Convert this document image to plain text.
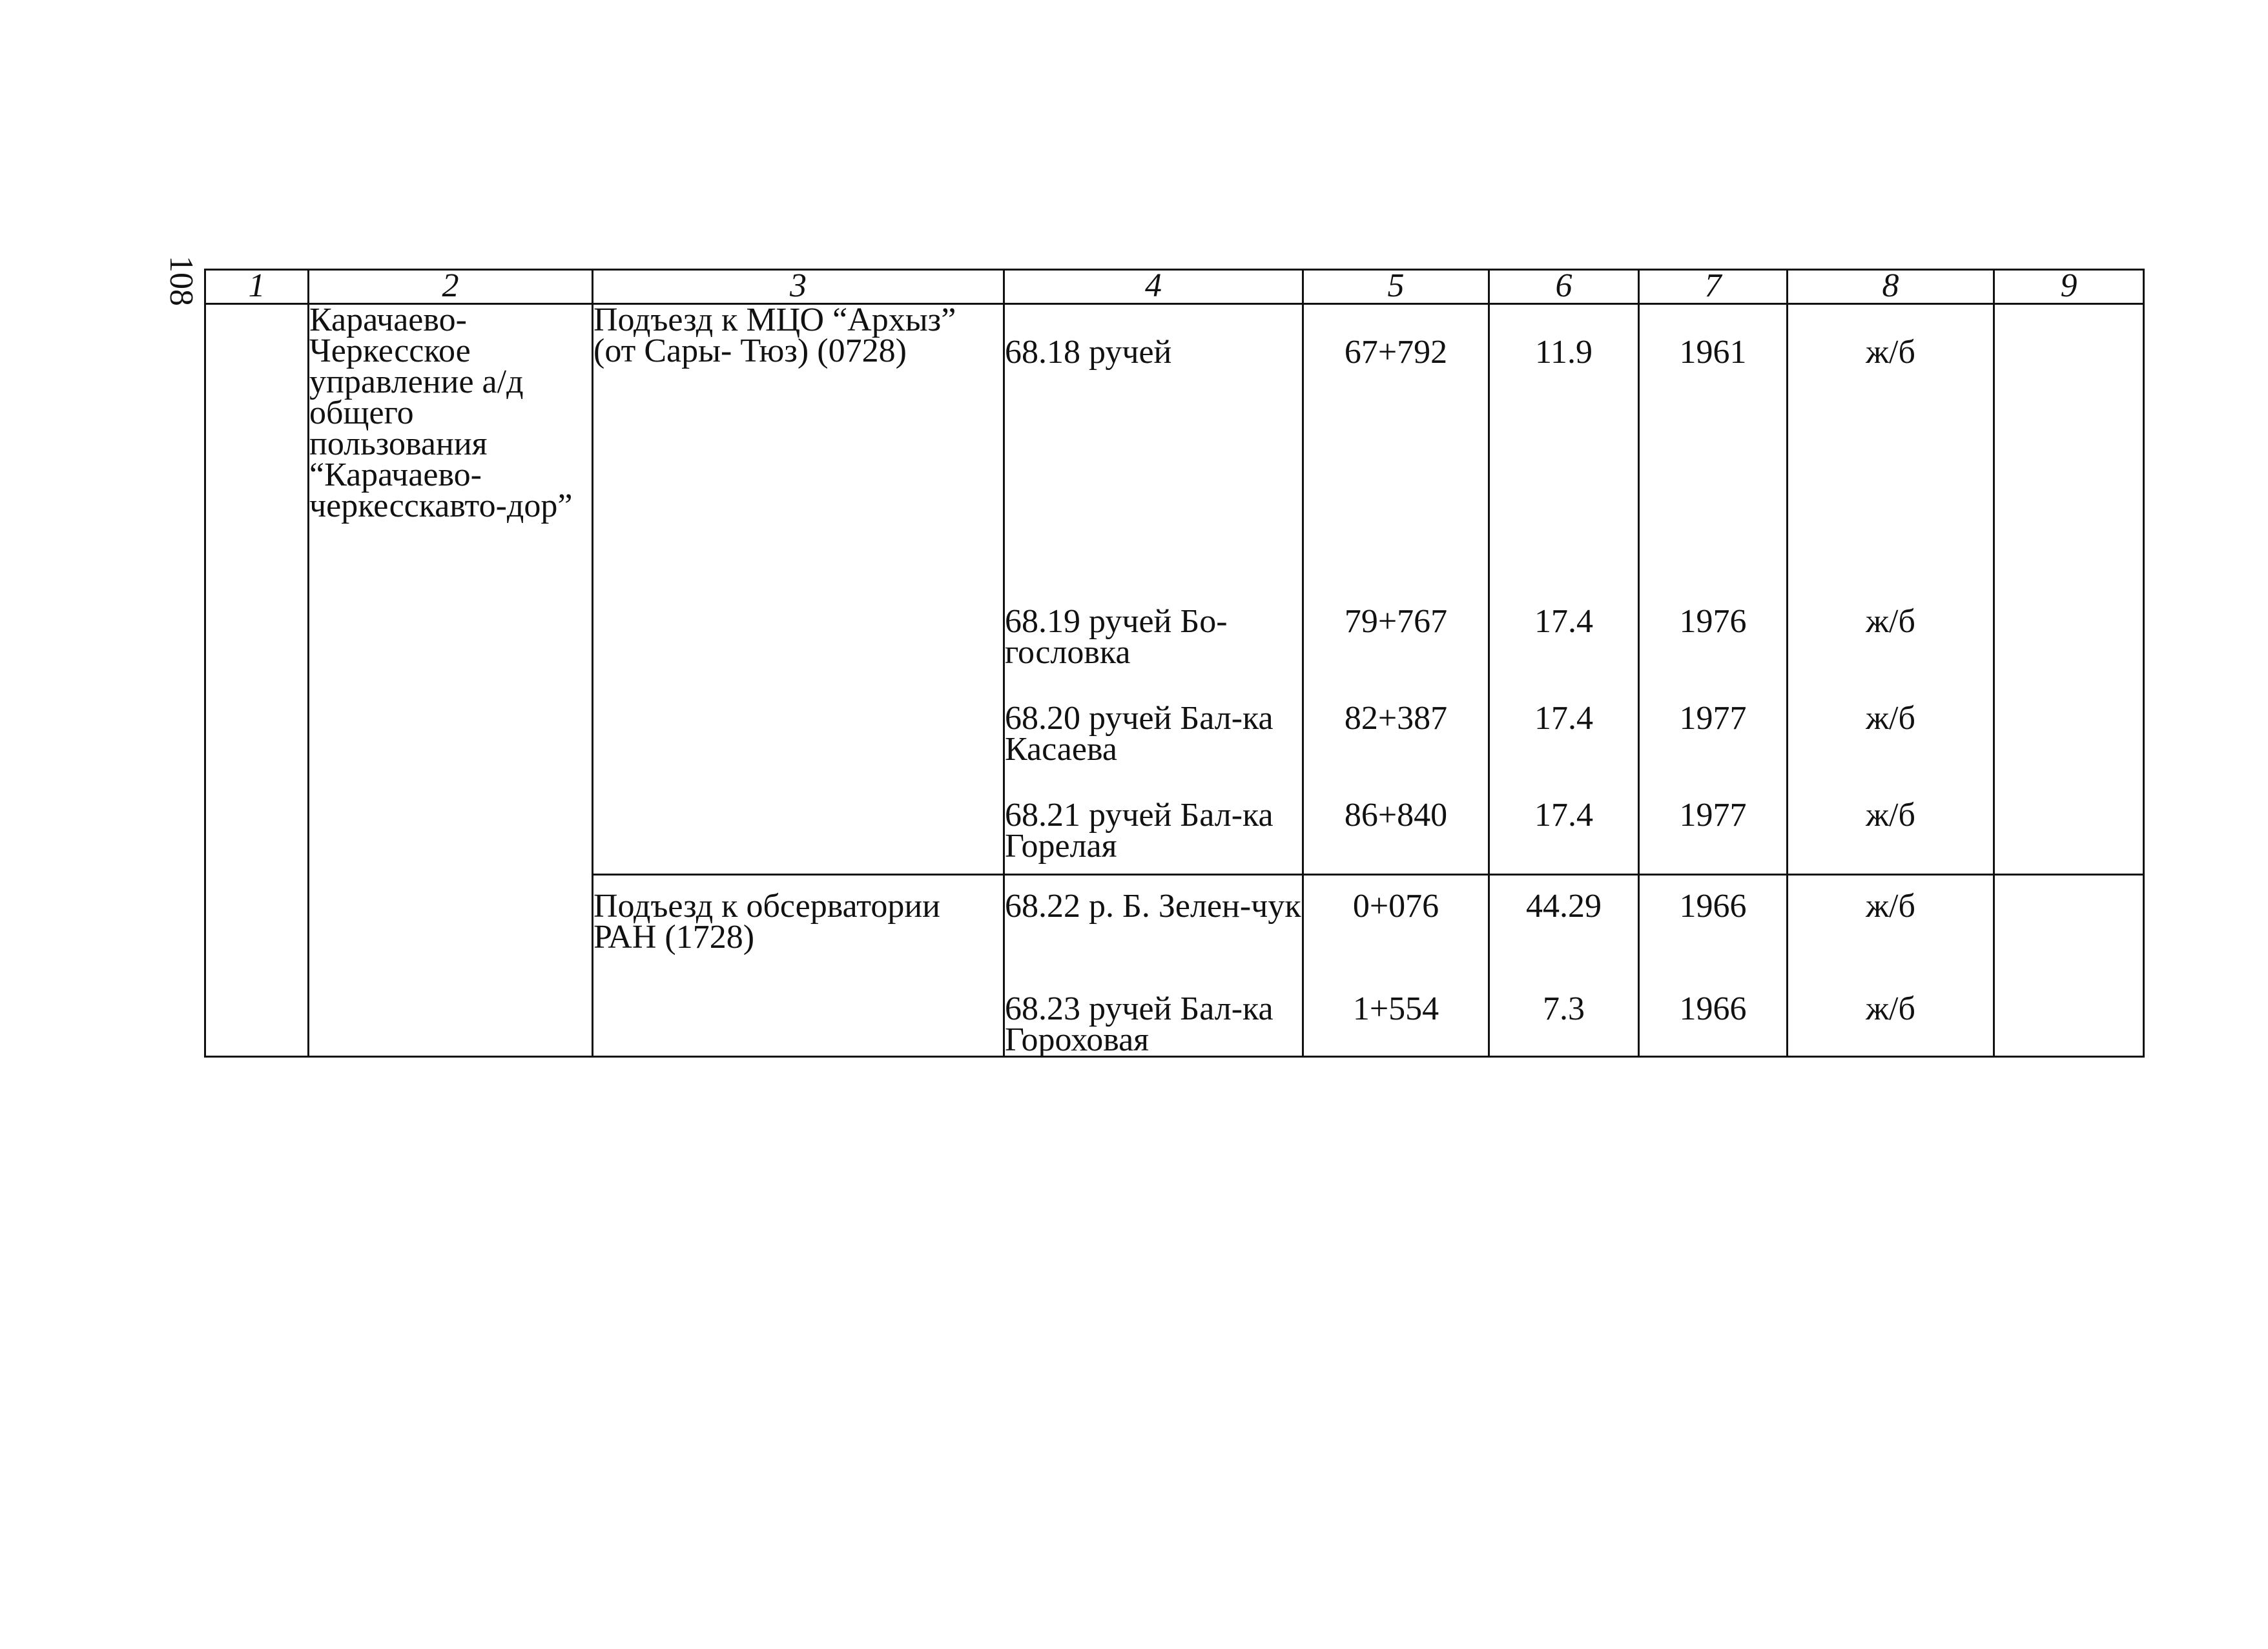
108	1	2	3	4	5	6	7	8	9
	Карачаево-Черкесское управление а/д общего пользования “Карачаево-черкесскавто-дор”	Подъезд к МЦО “Архыз” (от Сары- Тюз) (0728)	68.18 ручей	67+792	11.9	1961	ж/б	
			68.19 ручей Бо-гословка	79+767	17.4	1976	ж/б	
			68.20 ручей Бал-ка Касаева	82+387	17.4	1977	ж/б	
			68.21 ручей Бал-ка Горелая	86+840	17.4	1977	ж/б	
		Подъезд к обсерватории РАН (1728)	68.22 р. Б. Зелен-чук	0+076	44.29	1966	ж/б	
			68.23 ручей Бал-ка Гороховая	1+554	7.3	1966	ж/б	
